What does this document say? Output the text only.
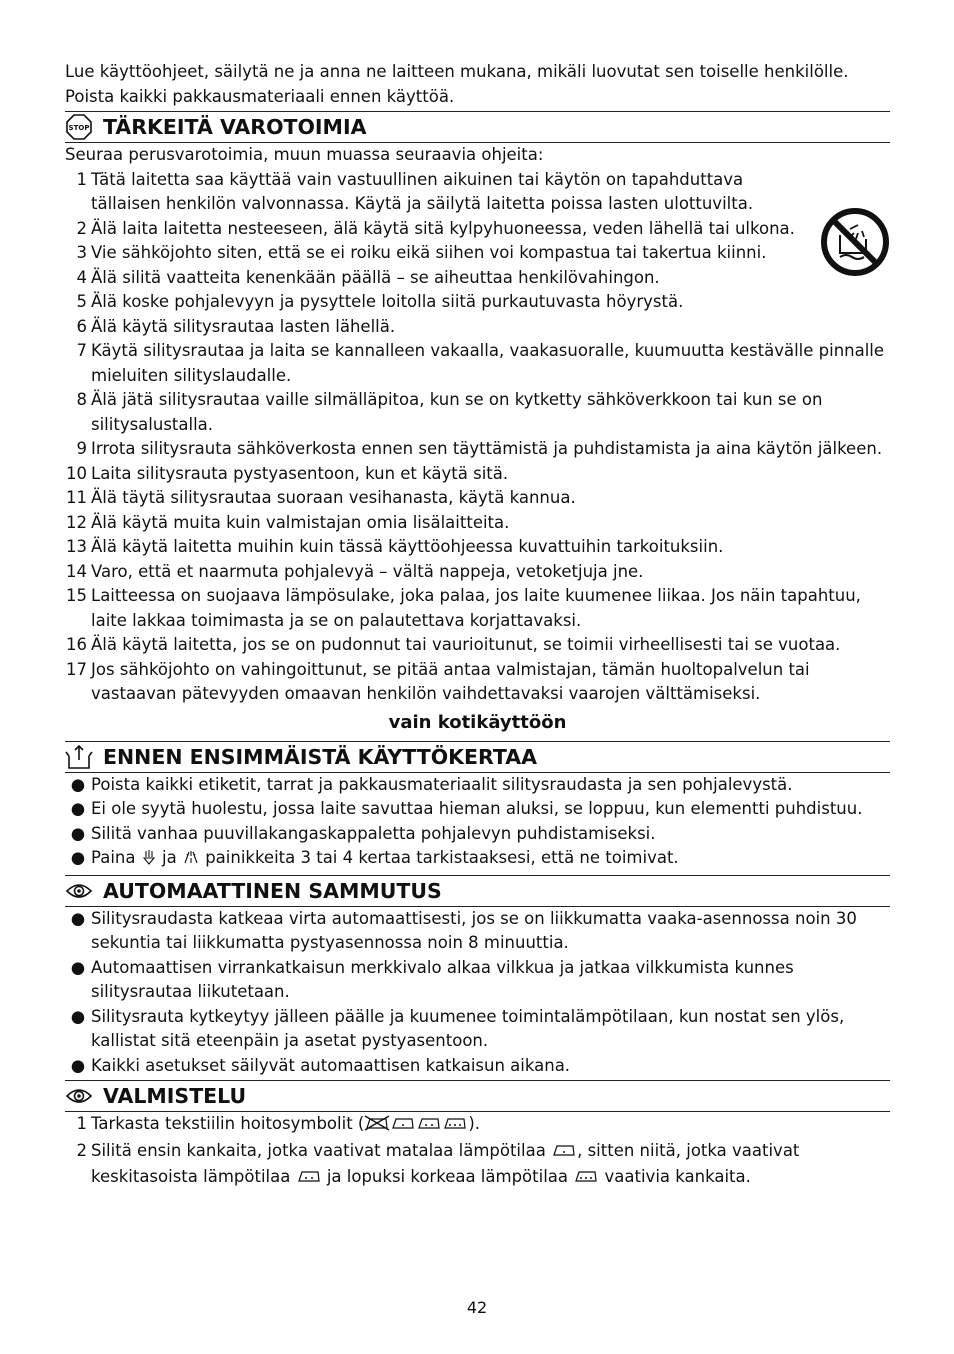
Lue käyttöohjeet, säilytä ne ja anna ne laitteen mukana, mikäli luovutat sen toiselle henkilölle.
Poista kaikki pakkausmateriaali ennen käyttöä.
STOP TÄRKEITÄ VAROTOIMIA
Seuraa perusvarotoimia, muun muassa seuraavia ohjeita:
1 Tätä laitetta saa käyttää vain vastuullinen aikuinen tai käytön on tapahduttava tällaisen henkilön valvonnassa. Käytä ja säilytä laitetta poissa lasten ulottuvilta.
2 Älä laita laitetta nesteeseen, älä käytä sitä kylpyhuoneessa, veden lähellä tai ulkona.
3 Vie sähköjohto siten, että se ei roiku eikä siihen voi kompastua tai takertua kiinni.
4 Älä silitä vaatteita kenenkään päällä – se aiheuttaa henkilövahingon.
5 Älä koske pohjalevyyn ja pysyttele loitolla siitä purkautuvasta höyrystä.
6 Älä käytä silitysrautaa lasten lähellä.
7 Käytä silitysrautaa ja laita se kannalleen vakaalla, vaakasuoralle, kuumuutta kestävälle pinnalle mieluiten silityslaudalle.
8 Älä jätä silitysrautaa vaille silmälläpitoa, kun se on kytketty sähköverkkoon tai kun se on silitysalustalla.
9 Irrota silitysrauta sähköverkosta ennen sen täyttämistä ja puhdistamista ja aina käytön jälkeen.
10 Laita silitysrauta pystyasentoon, kun et käytä sitä.
11 Älä täytä silitysrautaa suoraan vesihanasta, käytä kannua.
12 Älä käytä muita kuin valmistajan omia lisälaitteita.
13 Älä käytä laitetta muihin kuin tässä käyttöohjeessa kuvattuihin tarkoituksiin.
14 Varo, että et naarmuta pohjalevyä – vältä nappeja, vetoketjuja jne.
15 Laitteessa on suojaava lämpösulake, joka palaa, jos laite kuumenee liikaa. Jos näin tapahtuu, laite lakkaa toimimasta ja se on palautettava korjattavaksi.
16 Älä käytä laitetta, jos se on pudonnut tai vaurioitunut, se toimii virheellisesti tai se vuotaa.
17 Jos sähköjohto on vahingoittunut, se pitää antaa valmistajan, tämän huoltopalvelun tai vastaavan pätevyyden omaavan henkilön vaihdettavaksi vaarojen välttämiseksi.
vain kotikäyttöön
ENNEN ENSIMMÄISTÄ KÄYTTÖKERTAA
● Poista kaikki etiketit, tarrat ja pakkausmateriaalit silitysraudasta ja sen pohjalevystä.
● Ei ole syytä huolestu, jossa laite savuttaa hieman aluksi, se loppuu, kun elementti puhdistuu.
● Silitä vanhaa puuvillakangaskappaletta pohjalevyn puhdistamiseksi.
● Paina ja painikkeita 3 tai 4 kertaa tarkistaaksesi, että ne toimivat.
AUTOMAATTINEN SAMMUTUS
● Silitysraudasta katkeaa virta automaattisesti, jos se on liikkumatta vaaka-asennossa noin 30 sekuntia tai liikkumatta pystyasennossa noin 8 minuuttia.
● Automaattisen virrankatkaisun merkkivalo alkaa vilkkua ja jatkaa vilkkumista kunnes silitysrautaa liikutetaan.
● Silitysrauta kytkeytyy jälleen päälle ja kuumenee toimintalämpötilaan, kun nostat sen ylös, kallistat sitä eteenpäin ja asetat pystyasentoon.
● Kaikki asetukset säilyvät automaattisen katkaisun aikana.
VALMISTELU
1 Tarkasta tekstiilin hoitosymbolit (	).
2 Silitä ensin kankaita, jotka vaativat matalaa lämpötilaa , sitten niitä, jotka vaativat keskitasoista lämpötilaa ja lopuksi korkeaa lämpötilaa vaativia kankaita.
42
